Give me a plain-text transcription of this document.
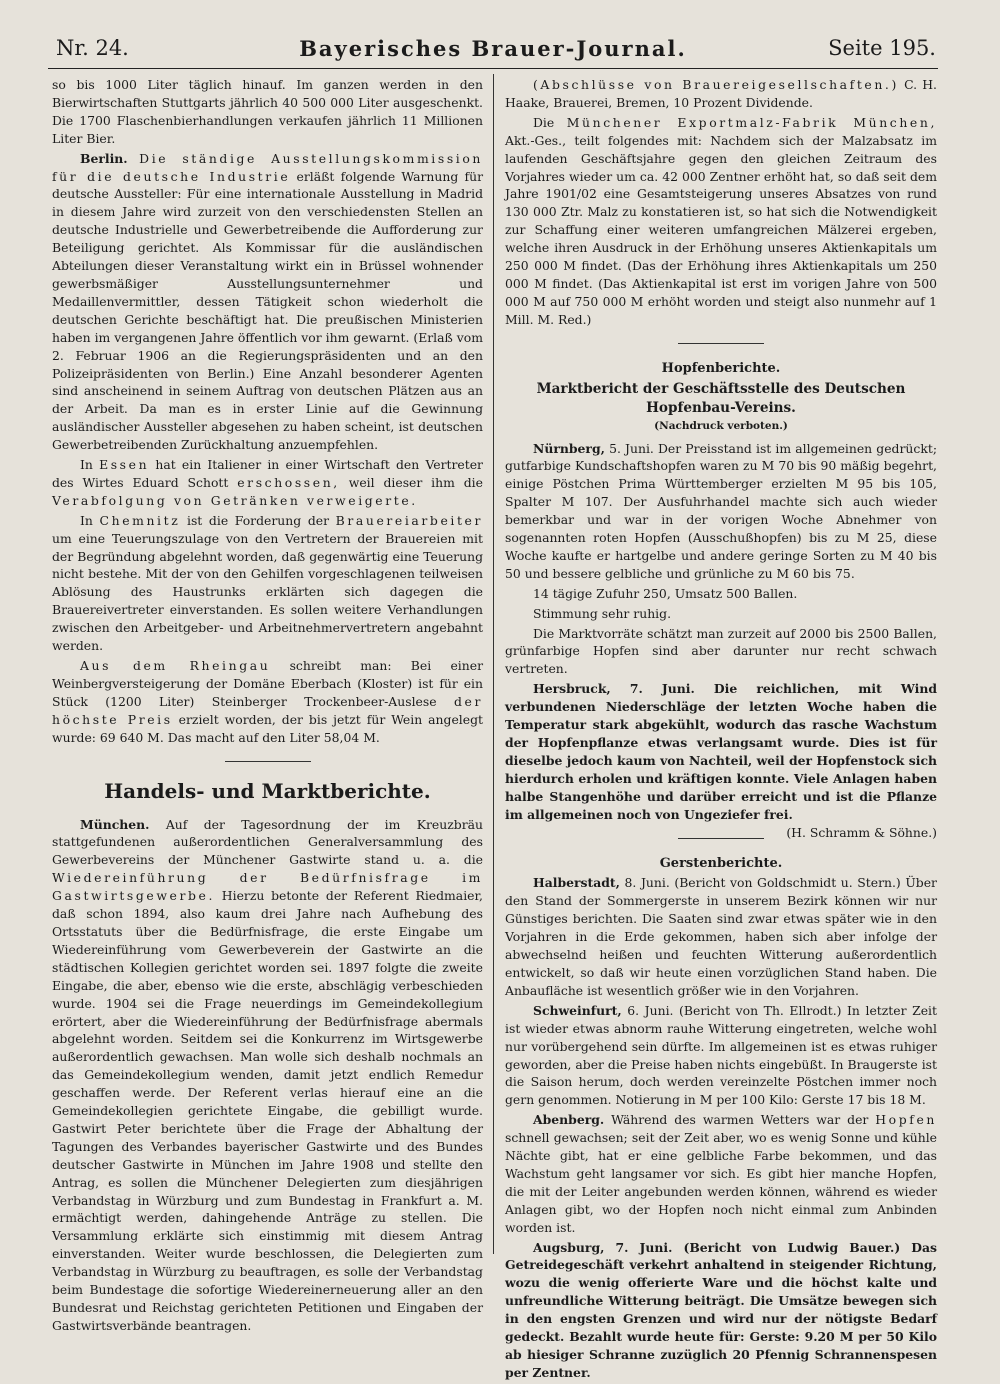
Bayerisches Brauer-Journal.
Nr. 24.	Seite 195.

so bis 1000 Liter täglich hinauf. Im ganzen werden in den Bierwirtschaften Stuttgarts jährlich 40 500 000 Liter ausgeschenkt. Die 1700 Flaschenbierhandlungen verkaufen jährlich 11 Millionen Liter Bier.

Berlin. Die ständige Ausstellungskommission für die deutsche Industrie erläßt folgende Warnung für deutsche Aussteller: Für eine internationale Ausstellung in Madrid in diesem Jahre wird zurzeit von den verschiedensten Stellen an deutsche Industrielle und Gewerbetreibende die Aufforderung zur Beteiligung gerichtet. Als Kommissar für die ausländischen Abteilungen dieser Veranstaltung wirkt ein in Brüssel wohnender gewerbsmäßiger Ausstellungsunternehmer und Medaillenvermittler, dessen Tätigkeit schon wiederholt die deutschen Gerichte beschäftigt hat. Die preußischen Ministerien haben im vergangenen Jahre öffentlich vor ihm gewarnt. (Erlaß vom 2. Februar 1906 an die Regierungspräsidenten und an den Polizeipräsidenten von Berlin.) Eine Anzahl besonderer Agenten sind anscheinend in seinem Auftrag von deutschen Plätzen aus an der Arbeit. Da man es in erster Linie auf die Gewinnung ausländischer Aussteller abgesehen zu haben scheint, ist deutschen Gewerbetreibenden Zurückhaltung anzuempfehlen.

In Essen hat ein Italiener in einer Wirtschaft den Vertreter des Wirtes Eduard Schott erschossen, weil dieser ihm die Verabfolgung von Getränken verweigerte.

In Chemnitz ist die Forderung der Brauereiarbeiter um eine Teuerungszulage von den Vertretern der Brauereien mit der Begründung abgelehnt worden, daß gegenwärtig eine Teuerung nicht bestehe. Mit der von den Gehilfen vorgeschlagenen teilweisen Ablösung des Haustrunks erklärten sich dagegen die Brauereivertreter einverstanden. Es sollen weitere Verhandlungen zwischen den Arbeitgeber- und Arbeitnehmervertretern angebahnt werden.

Aus dem Rheingau schreibt man: Bei einer Weinbergversteigerung der Domäne Eberbach (Kloster) ist für ein Stück (1200 Liter) Steinberger Trockenbeer-Auslese der höchste Preis erzielt worden, der bis jetzt für Wein angelegt wurde: 69 640 M. Das macht auf den Liter 58,04 M.

Handels- und Marktberichte.

München. Auf der Tagesordnung der im Kreuzbräu stattgefundenen außerordentlichen Generalversammlung des Gewerbevereins der Münchener Gastwirte stand u. a. die Wiedereinführung der Bedürfnisfrage im Gastwirtsgewerbe. Hierzu betonte der Referent Riedmaier, daß schon 1894, also kaum drei Jahre nach Aufhebung des Ortsstatuts über die Bedürfnisfrage, die erste Eingabe um Wiedereinführung vom Gewerbeverein der Gastwirte an die städtischen Kollegien gerichtet worden sei. 1897 folgte die zweite Eingabe, die aber, ebenso wie die erste, abschlägig verbeschieden wurde. 1904 sei die Frage neuerdings im Gemeindekollegium erörtert, aber die Wiedereinführung der Bedürfnisfrage abermals abgelehnt worden. Seitdem sei die Konkurrenz im Wirtsgewerbe außerordentlich gewachsen. Man wolle sich deshalb nochmals an das Gemeindekollegium wenden, damit jetzt endlich Remedur geschaffen werde. Der Referent verlas hierauf eine an die Gemeindekollegien gerichtete Eingabe, die gebilligt wurde. Gastwirt Peter berichtete über die Frage der Abhaltung der Tagungen des Verbandes bayerischer Gastwirte und des Bundes deutscher Gastwirte in München im Jahre 1908 und stellte den Antrag, es sollen die Münchener Delegierten zum diesjährigen Verbandstag in Würzburg und zum Bundestag in Frankfurt a. M. ermächtigt werden, dahingehende Anträge zu stellen. Die Versammlung erklärte sich einstimmig mit diesem Antrag einverstanden. Weiter wurde beschlossen, die Delegierten zum Verbandstag in Würzburg zu beauftragen, es solle der Verbandstag beim Bundestage die sofortige Wiedereinerneuerung aller an den Bundesrat und Reichstag gerichteten Petitionen und Eingaben der Gastwirtsverbände beantragen.

(Abschlüsse von Brauereigesellschaften.) C. H. Haake, Brauerei, Bremen, 10 Prozent Dividende.

Die Münchener Exportmalz-Fabrik München, Akt.-Ges., teilt folgendes mit: Nachdem sich der Malzabsatz im laufenden Geschäftsjahre gegen den gleichen Zeitraum des Vorjahres wieder um ca. 42 000 Zentner erhöht hat, so daß seit dem Jahre 1901/02 eine Gesamtsteigerung unseres Absatzes von rund 130 000 Ztr. Malz zu konstatieren ist, so hat sich die Notwendigkeit zur Schaffung einer weiteren umfangreichen Mälzerei ergeben, welche ihren Ausdruck in der Erhöhung unseres Aktienkapitals um 250 000 M findet. (Das der Erhöhung ihres Aktienkapitals um 250 000 M findet. (Das Aktienkapital ist erst im vorigen Jahre von 500 000 M auf 750 000 M erhöht worden und steigt also nunmehr auf 1 Mill. M. Red.)

Hopfenberichte.
Marktbericht der Geschäftsstelle des Deutschen Hopfenbau-Vereins.
(Nachdruck verboten.)

Nürnberg, 5. Juni. Der Preisstand ist im allgemeinen gedrückt; gutfarbige Kundschaftshopfen waren zu M 70 bis 90 mäßig begehrt, einige Pöstchen Prima Württemberger erzielten M 95 bis 105, Spalter M 107. Der Ausfuhrhandel machte sich auch wieder bemerkbar und war in der vorigen Woche Abnehmer von sogenannten roten Hopfen (Ausschußhopfen) bis zu M 25, diese Woche kaufte er hartgelbe und andere geringe Sorten zu M 40 bis 50 und bessere gelbliche und grünliche zu M 60 bis 75.

14 tägige Zufuhr 250, Umsatz 500 Ballen.

Stimmung sehr ruhig.

Die Marktvorräte schätzt man zurzeit auf 2000 bis 2500 Ballen, grünfarbige Hopfen sind aber darunter nur recht schwach vertreten.

Hersbruck, 7. Juni. Die reichlichen, mit Wind verbundenen Niederschläge der letzten Woche haben die Temperatur stark abgekühlt, wodurch das rasche Wachstum der Hopfenpflanze etwas verlangsamt wurde. Dies ist für dieselbe jedoch kaum von Nachteil, weil der Hopfenstock sich hierdurch erholen und kräftigen konnte. Viele Anlagen haben halbe Stangenhöhe und darüber erreicht und ist die Pflanze im allgemeinen noch von Ungeziefer frei.
(H. Schramm & Söhne.)

Gerstenberichte.

Halberstadt, 8. Juni. (Bericht von Goldschmidt u. Stern.) Über den Stand der Sommergerste in unserem Bezirk können wir nur Günstiges berichten. Die Saaten sind zwar etwas später wie in den Vorjahren in die Erde gekommen, haben sich aber infolge der abwechselnd heißen und feuchten Witterung außerordentlich entwickelt, so daß wir heute einen vorzüglichen Stand haben. Die Anbaufläche ist wesentlich größer wie in den Vorjahren.

Schweinfurt, 6. Juni. (Bericht von Th. Ellrodt.) In letzter Zeit ist wieder etwas abnorm rauhe Witterung eingetreten, welche wohl nur vorübergehend sein dürfte. Im allgemeinen ist es etwas ruhiger geworden, aber die Preise haben nichts eingebüßt. In Braugerste ist die Saison herum, doch werden vereinzelte Pöstchen immer noch gern genommen. Notierung in M per 100 Kilo: Gerste 17 bis 18 M.

Abenberg. Während des warmen Wetters war der Hopfen schnell gewachsen; seit der Zeit aber, wo es wenig Sonne und kühle Nächte gibt, hat er eine gelbliche Farbe bekommen, und das Wachstum geht langsamer vor sich. Es gibt hier manche Hopfen, die mit der Leiter angebunden werden können, während es wieder Anlagen gibt, wo der Hopfen noch nicht einmal zum Anbinden worden ist.

Augsburg, 7. Juni. (Bericht von Ludwig Bauer.) Das Getreidegeschäft verkehrt anhaltend in steigender Richtung, wozu die wenig offerierte Ware und die höchst kalte und unfreundliche Witterung beiträgt. Die Umsätze bewegen sich in den engsten Grenzen und wird nur der nötigste Bedarf gedeckt. Bezahlt wurde heute für: Gerste: 9.20 M per 50 Kilo ab hiesiger Schranne zuzüglich 20 Pfennig Schrannenspesen per Zentner.
